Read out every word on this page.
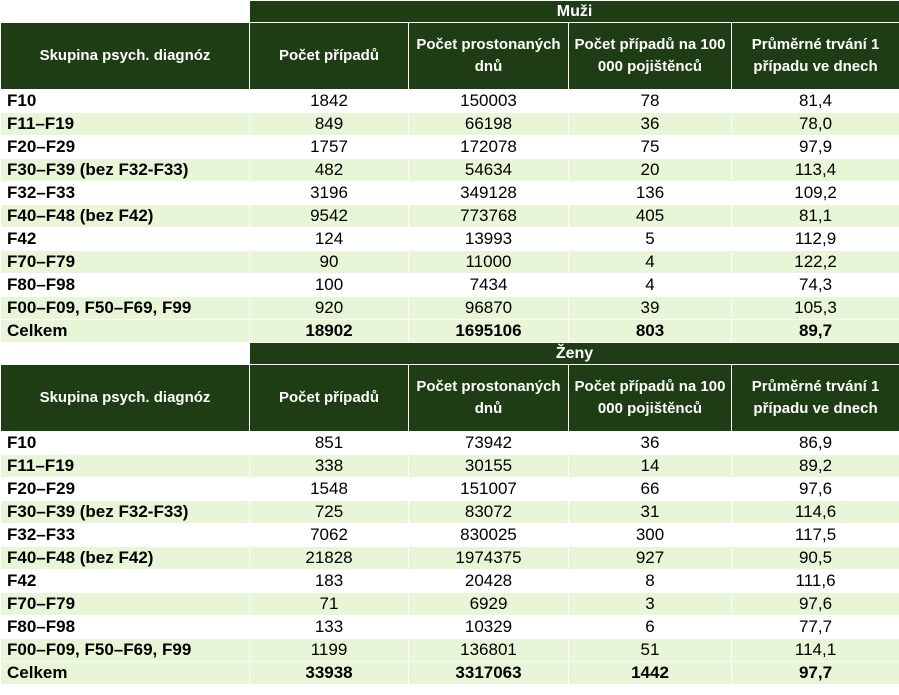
	Muži			

Skupina psych. diagnóz	Počet případů	Počet prostonaných dnů	Počet případů na 100 000 pojištěnců	Průměrné trvání 1 případu ve dnech

F10	1842	150003	78	81,4
F11–F19	849	66198	36	78,0
F20–F29	1757	172078	75	97,9
F30–F39 (bez F32-F33)	482	54634	20	113,4
F32–F33	3196	349128	136	109,2
F40–F48 (bez F42)	9542	773768	405	81,1
F42	124	13993	5	112,9
F70–F79	90	11000	4	122,2
F80–F98	100	7434	4	74,3
F00–F09, F50–F69, F99	920	96870	39	105,3
Celkem	18902	1695106	803	89,7
	Ženy			

Skupina psych. diagnóz	Počet případů	Počet prostonaných dnů	Počet případů na 100 000 pojištěnců	Průměrné trvání 1 případu ve dnech

F10	851	73942	36	86,9
F11–F19	338	30155	14	89,2
F20–F29	1548	151007	66	97,6
F30–F39 (bez F32-F33)	725	83072	31	114,6
F32–F33	7062	830025	300	117,5
F40–F48 (bez F42)	21828	1974375	927	90,5
F42	183	20428	8	111,6
F70–F79	71	6929	3	97,6
F80–F98	133	10329	6	77,7
F00–F09, F50–F69, F99	1199	136801	51	114,1
Celkem	33938	3317063	1442	97,7
